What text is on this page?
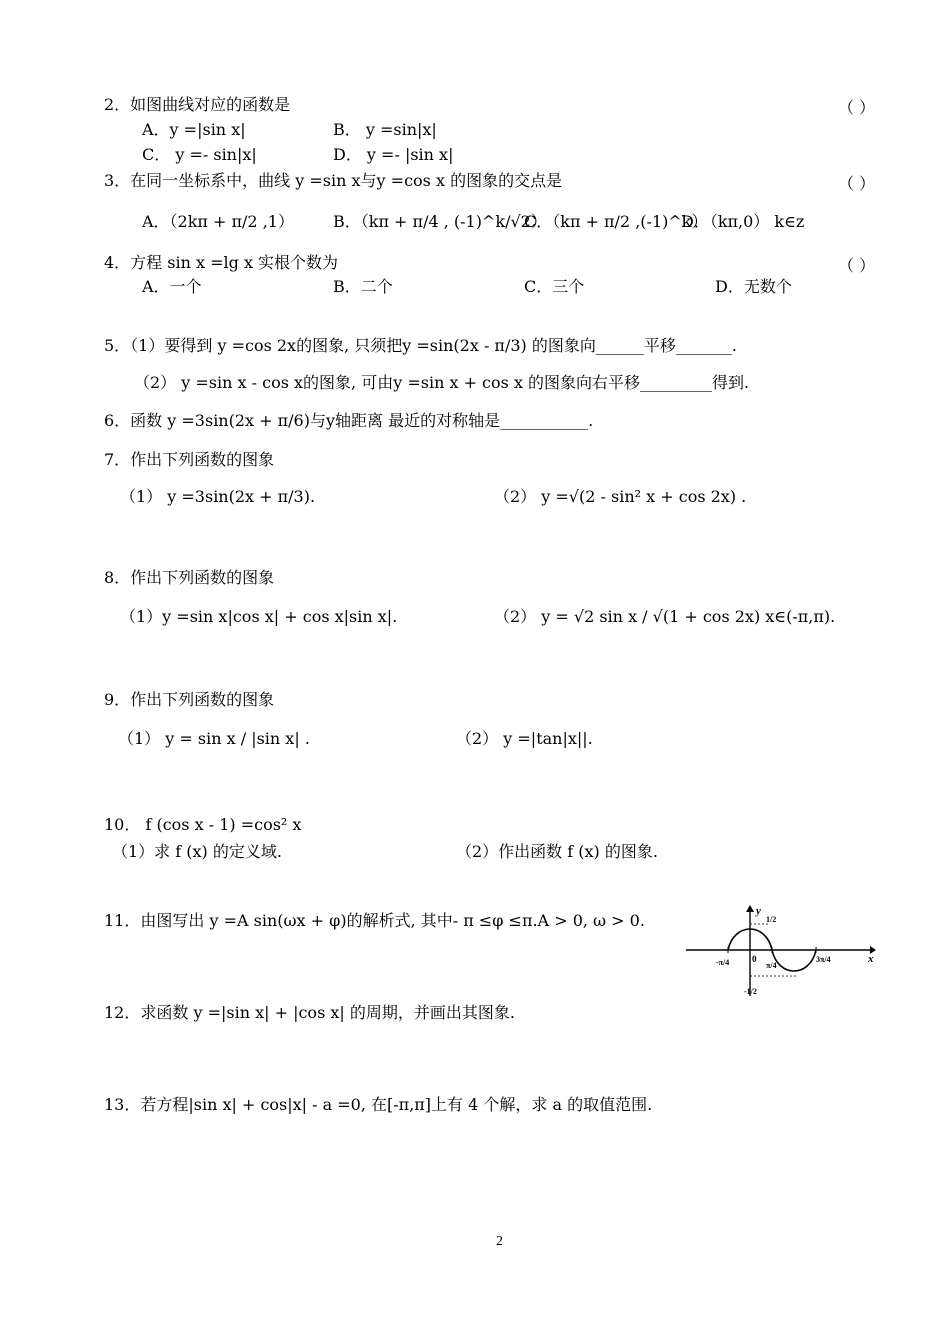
2．如图曲线对应的函数是	（ ）
A．y =|sin x|	B． y =sin|x|
C． y =- sin|x|	D． y =- |sin x|
3．在同一坐标系中，曲线 y =sin x与y =cos x 的图象的交点是	（ ）
A．（2kπ + π/2 ,1） B．（kπ + π/4 , (-1)^k/√2）
C．（kπ + π/2 ,(-1)^k）
D．（kπ,0） k∈z
4．方程 sin x =lg x 实根个数为	（ ）
A．一个	B．二个	C．三个	D．无数个
5．（1）要得到 y =cos 2x的图象, 只须把y =sin(2x - π/3) 的图象向______平移_______.
（2） y =sin x - cos x的图象, 可由y =sin x + cos x 的图象向右平移_________得到.
6．函数 y =3sin(2x + π/6)与y轴距离 最近的对称轴是___________.
7．作出下列函数的图象
（1） y =3sin(2x + π/3).	（2） y =√(2 - sin² x + cos 2x) .
8．作出下列函数的图象
（1）y =sin x|cos x| + cos x|sin x|.	（2） y = √2 sin x / √(1 + cos 2x) x∈(-π,π).
9．作出下列函数的图象
（1） y = sin x / |sin x| .	（2） y =|tan|x||.
10． f (cos x - 1) =cos² x
（1）求 f (x) 的定义域.	（2）作出函数 f (x) 的图象.
11．由图写出 y =A sin(ωx + φ)的解析式, 其中- π ≤φ ≤π.A > 0, ω > 0.	y
x
1/2
-1/2
0
-π/4	π/4
3π/4
12．求函数 y =|sin x| + |cos x| 的周期，并画出其图象.
13．若方程|sin x| + cos|x| - a =0, 在[-π,π]上有 4 个解，求 a 的取值范围.
2
